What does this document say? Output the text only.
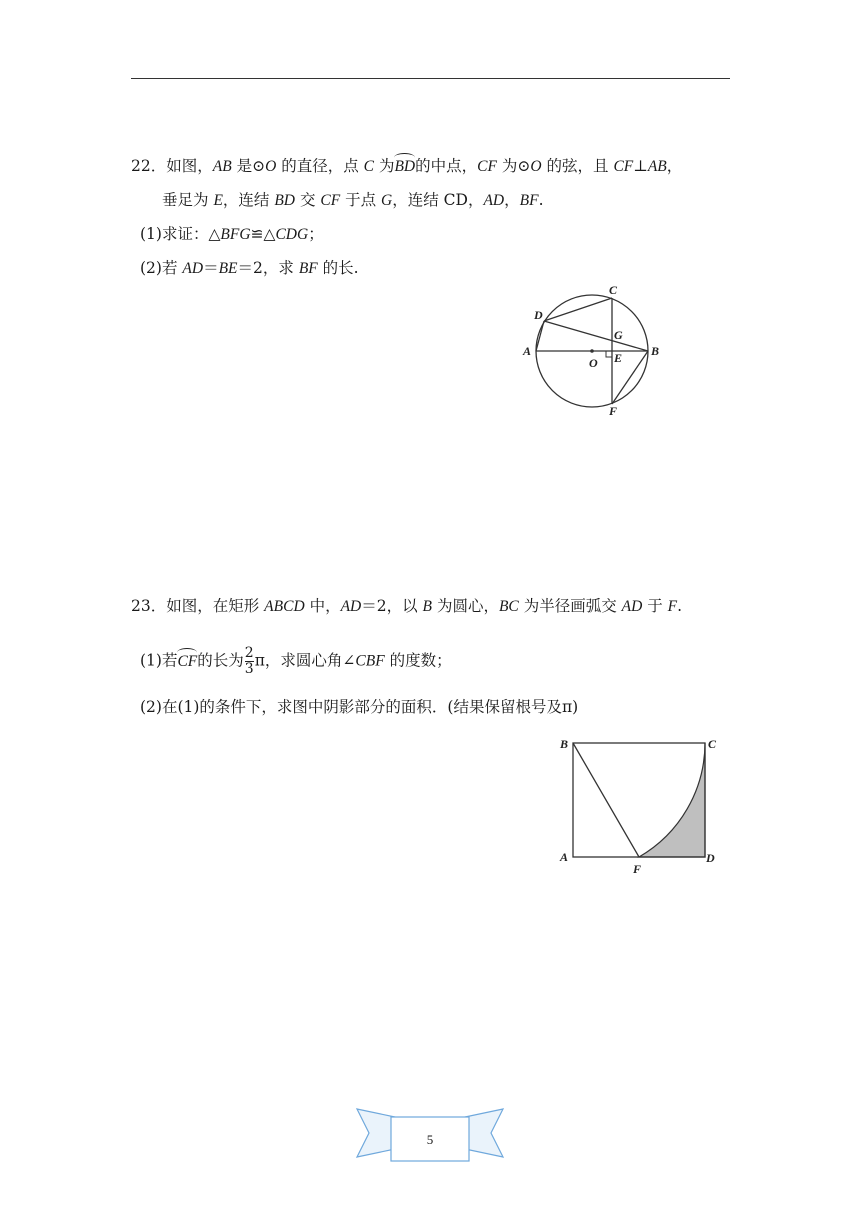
22．如图，AB 是⊙O 的直径，点 C 为BD的中点，CF 为⊙O 的弦，且 CF⊥AB，
垂足为 E，连结 BD 交 CF 于点 G，连结 CD，AD，BF.
(1)求证：△BFG≌△CDG；
(2)若 AD＝BE＝2，求 BF 的长.
A	B
C
D
E
F
G
O
23．如图，在矩形 ABCD 中，AD＝2，以 B 为圆心，BC 为半径画弧交 AD 于 F.
(1)若CF的长为 $\frac{2}{3}$ π，求圆心角∠CBF 的度数；
(2)在(1)的条件下，求图中阴影部分的面积．(结果保留根号及π)
B	C
A	D
F
5
